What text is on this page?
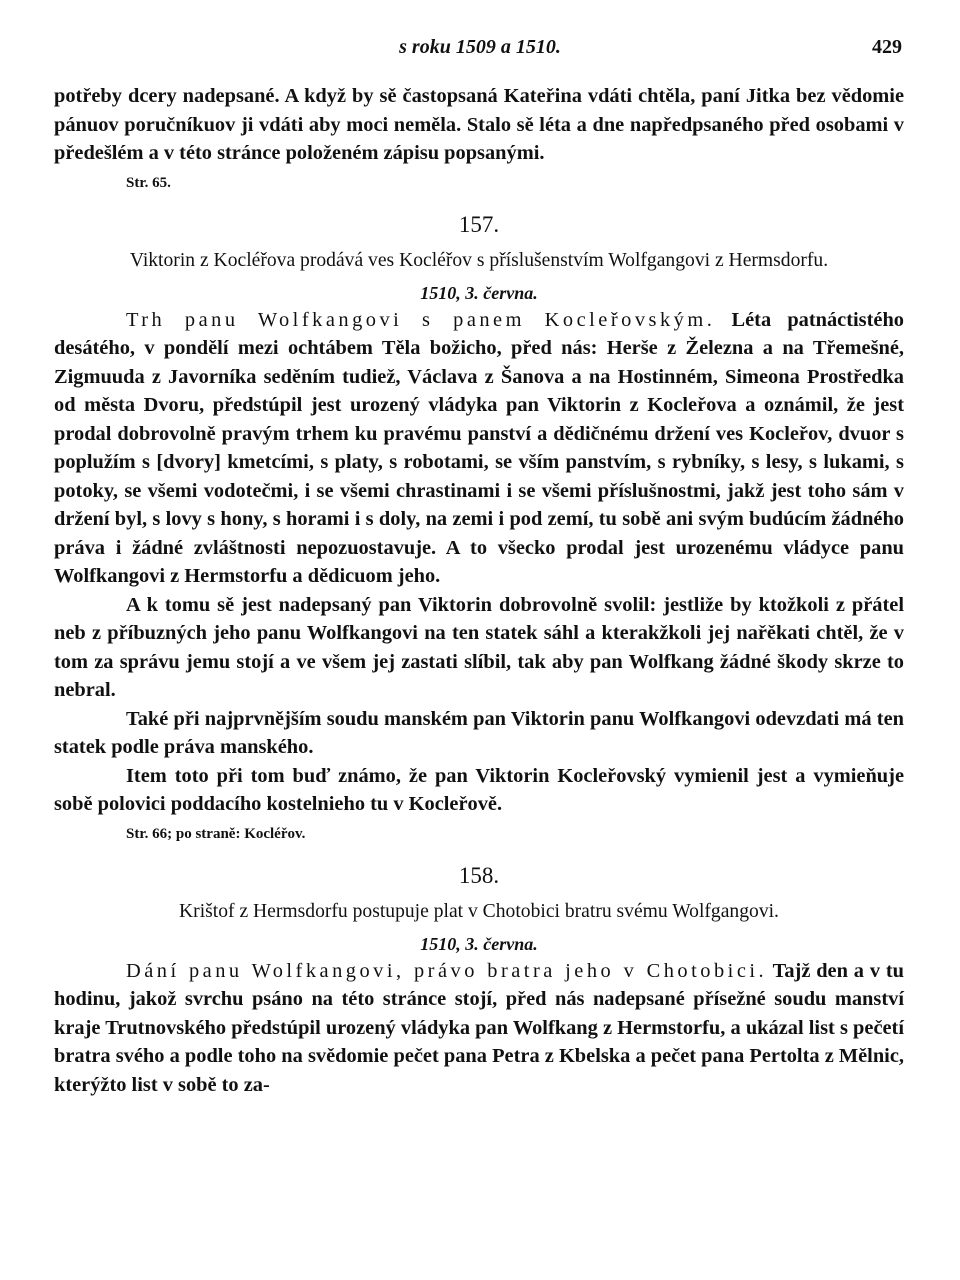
s roku 1509 a 1510.	429

potřeby dcery nadepsané. A když by sě častopsaná Kateřina vdáti chtěla, paní Jitka bez vědomie pánuov poručníkuov ji vdáti aby moci neměla. Stalo sě léta a dne napředpsaného před osobami v předešlém a v této stránce položeném zápisu popsanými.

Str. 65.
157.
Viktorin z Kocléřova prodává ves Kocléřov s příslušenstvím Wolfgangovi z Hermsdorfu.
1510, 3. června.

Trh panu Wolfkangovi s panem Kocleřovským. Léta patnáctistého desátého, v pondělí mezi ochtábem Těla božicho, před nás: Herše z Železna a na Třemešné, Zigmuuda z Javorníka seděním tudiež, Václava z Šanova a na Hostinném, Simeona Prostředka od města Dvoru, předstúpil jest urozený vládyka pan Viktorin z Kocleřova a oznámil, že jest prodal dobrovolně pravým trhem ku pravému panství a dědičnému držení ves Kocleřov, dvuor s poplužím s [dvory] kmetcími, s platy, s robotami, se vším panstvím, s rybníky, s lesy, s lukami, s potoky, se všemi vodotečmi, i se všemi chrastinami i se všemi příslušnostmi, jakž jest toho sám v držení byl, s lovy s hony, s horami i s doly, na zemi i pod zemí, tu sobě ani svým budúcím žádného práva i žádné zvláštnosti nepozuostavuje. A to všecko prodal jest urozenému vládyce panu Wolfkangovi z Hermstorfu a dědicuom jeho.

A k tomu sě jest nadepsaný pan Viktorin dobrovolně svolil: jestliže by ktožkoli z přátel neb z příbuzných jeho panu Wolfkangovi na ten statek sáhl a kterakžkoli jej nařěkati chtěl, že v tom za správu jemu stojí a ve všem jej zastati slíbil, tak aby pan Wolfkang žádné škody skrze to nebral.

Také při najprvnějším soudu manském pan Viktorin panu Wolfkangovi odevzdati má ten statek podle práva manského.

Item toto při tom buď známo, že pan Viktorin Kocleřovský vymienil jest a vymieňuje sobě polovici poddacího kostelnieho tu v Kocleřově.

Str. 66; po straně: Kocléřov.
158.
Krištof z Hermsdorfu postupuje plat v Chotobici bratru svému Wolfgangovi.
1510, 3. června.

Dání panu Wolfkangovi, právo bratra jeho v Chotobici. Tajž den a v tu hodinu, jakož svrchu psáno na této stránce stojí, před nás nadepsané přísežné soudu manství kraje Trutnovského předstúpil urozený vládyka pan Wolfkang z Hermstorfu, a ukázal list s pečetí bratra svého a podle toho na svědomie pečet pana Petra z Kbelska a pečet pana Pertolta z Mělnic, kterýžto list v sobě to za-
